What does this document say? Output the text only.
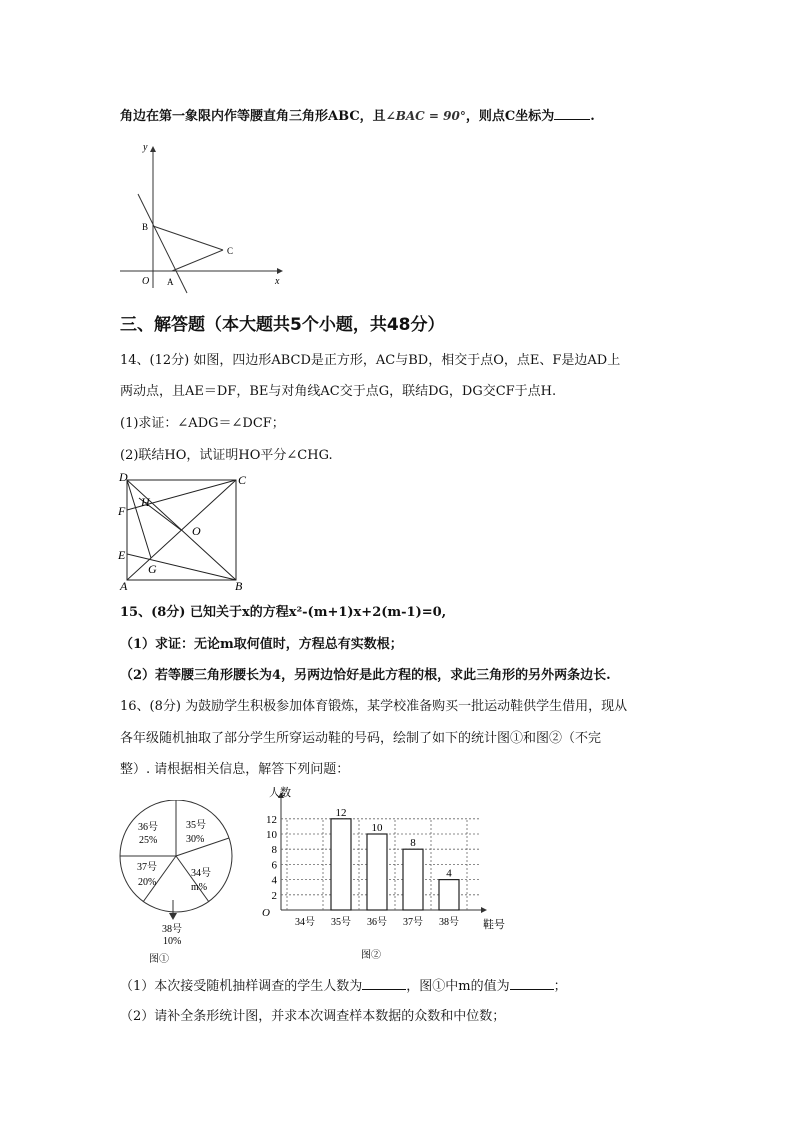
角边在第一象限内作等腰直角三角形ABC，且∠BAC = 90°，则点C坐标为	.
y
x
O A
B
C
三、解答题（本大题共5个小题，共48分）
14、(12分) 如图，四边形ABCD是正方形，AC与BD，相交于点O，点E、F是边AD上
两动点，且AE＝DF，BE与对角线AC交于点G，联结DG，DG交CF于点H.
(1)求证：∠ADG＝∠DCF；
(2)联结HO，试证明HO平分∠CHG.
D	C
H
F
O
E
G
A	B
15、(8分) 已知关于x的方程x²-(m+1)x+2(m-1)=0,
（1）求证：无论m取何值时，方程总有实数根；
（2）若等腰三角形腰长为4，另两边恰好是此方程的根，求此三角形的另外两条边长.
16、(8分) 为鼓励学生积极参加体育锻炼，某学校准备购买一批运动鞋供学生借用，现从
各年级随机抽取了部分学生所穿运动鞋的号码，绘制了如下的统计图①和图②（不完
整）. 请根据相关信息，解答下列问题：
36号
25%
35号
30%
37号
20%
34号
m%
38号
10%
图①
人数
鞋号
O
图②
2
4
6
8
10
12
34号
12
35号
10
36号
8
37号
4
38号
（1）本次接受随机抽样调查的学生人数为	，图①中m的值为	；
（2）请补全条形统计图，并求本次调查样本数据的众数和中位数；
